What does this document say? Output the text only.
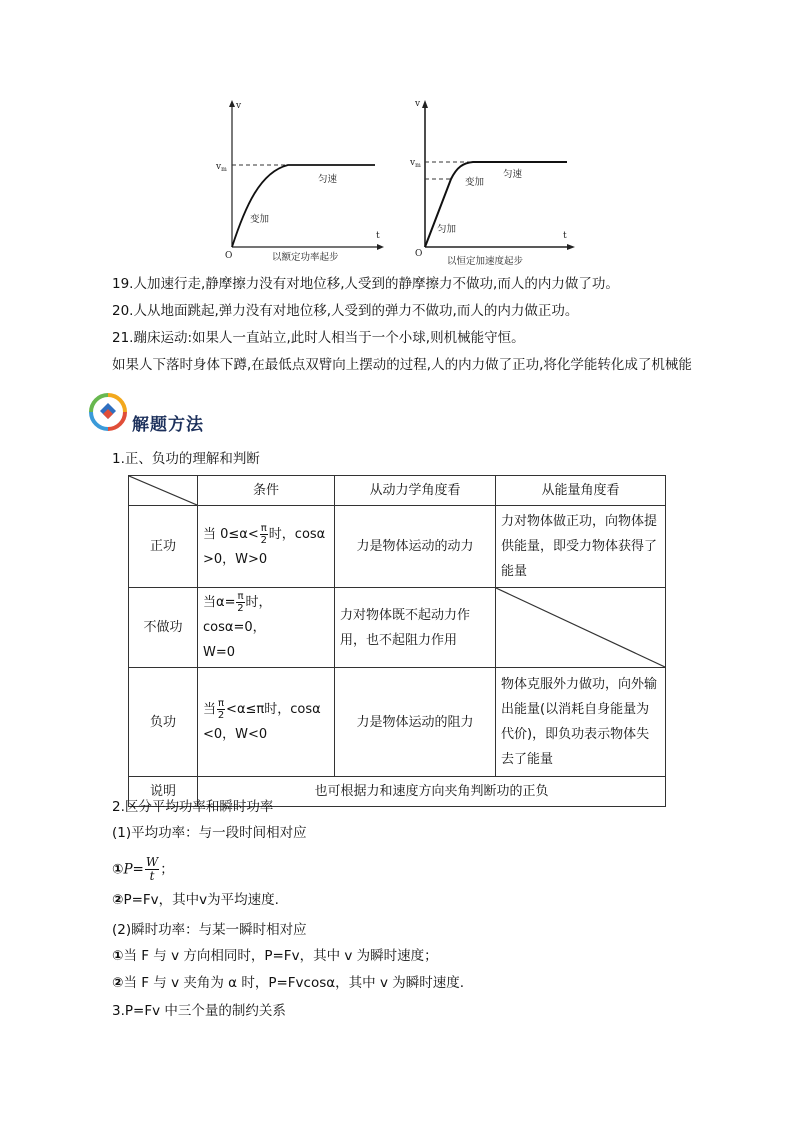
v
t
O
$v_m$
匀速
变加
以额定功率起步
v
t
O
$v_m$
匀速
变加
匀加
以恒定加速度起步
19.人加速行走,静摩擦力没有对地位移,人受到的静摩擦力不做功,而人的内力做了功。
20.人从地面跳起,弹力没有对地位移,人受到的弹力不做功,而人的内力做正功。
21.蹦床运动:如果人一直站立,此时人相当于一个小球,则机械能守恒。
如果人下落时身体下蹲,在最低点双臂向上摆动的过程,人的内力做了正功,将化学能转化成了机械能
解题方法
1.正、负功的理解和判断
	条件	从动力学角度看	从能量角度看
正功	当 $0\le\alpha< \frac{\pi}{2}$ 时，cosα
>0，W>0	力是物体运动的动力	力对物体做正功，向物体提供能量，即受力物体获得了能量
不做功	当$\alpha= \frac{\pi}{2}$ 时，cosα=0，
W=0	力对物体既不起动力作用，也不起阻力作用	

负功	当 $\frac{\pi}{2} <\alpha\le\pi$时，cosα
<0，W<0	力是物体运动的阻力	物体克服外力做功，向外输出能量(以消耗自身能量为代价)，即负功表示物体失去了能量
说明	也可根据力和速度方向夹角判断功的正负		
2.区分平均功率和瞬时功率
(1)平均功率：与一段时间相对应
①P= $\frac{W}{t}$ ；
②P=Fv，其中v为平均速度.
(2)瞬时功率：与某一瞬时相对应
①当 F 与 v 方向相同时，P=Fv，其中 v 为瞬时速度；
②当 F 与 v 夹角为 α 时，P=Fvcosα，其中 v 为瞬时速度.
3.P=Fv 中三个量的制约关系
